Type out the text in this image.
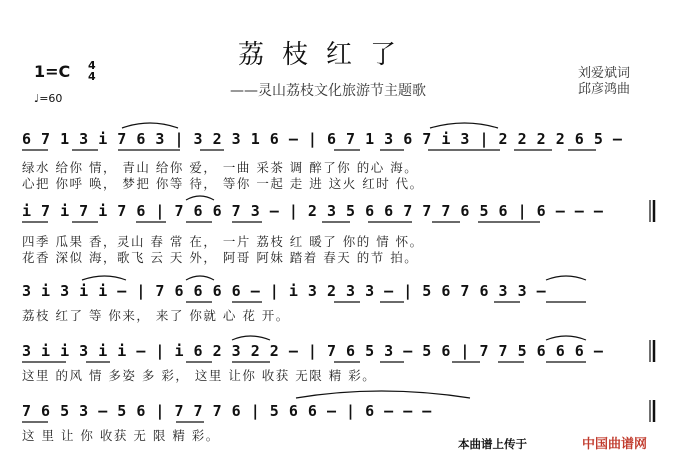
荔枝红了
——灵山荔枝文化旅游节主题歌
刘爱斌词
邱彦鸿曲
1=C 4
4
♩=60
6 7 1 3 i 7 6 3 | 3 2 3 1 6 – | 6 7 1 3 6 7 i 3 | 2 2 2 2 6 5 –
绿水 给你 情， 青山 给你 爱， 一曲 采茶 调 醉了你 的心 海。
心把 你呼 唤， 梦把 你等 待， 等你 一起 走 进 这火 红时 代。
i 7 i 7 i 7 6 | 7 6 6 7 3 – | 2 3 5 6 6 7 7 7 6 5 6 | 6 – – –
四季 瓜果 香，灵山 春 常 在， 一片 荔枝 红 暖了 你的 情 怀。
花香 深似 海，歌飞 云 天 外， 阿哥 阿妹 踏着 春天 的节 拍。
3 i 3 i i – | 7 6 6 6 6 – | i 3 2 3 3 – | 5 6 7 6 3 3 –
荔枝 红了 等 你来， 来了 你就 心 花 开。
3 i i 3 i i – | i 6 2 3 2 2 – | 7 6 5 3 – 5 6 | 7 7 5 6 6 6 –
这里 的风 情 多姿 多 彩， 这里 让你 收获 无限 精 彩。
7 6 5 3 – 5 6 | 7 7 7 6 | 5 6 6 – | 6 – – –
这 里 让 你 收获 无 限 精 彩。
本曲谱上传于	中国曲谱网
